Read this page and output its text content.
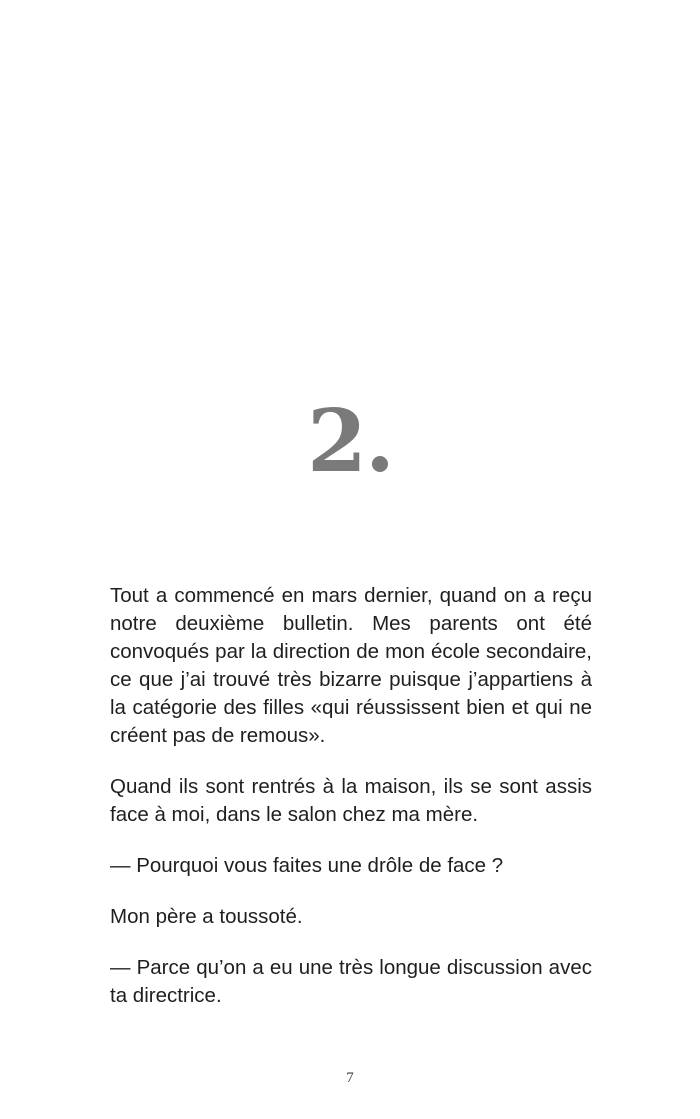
2.

Tout a commencé en mars dernier, quand on a reçu notre deuxième bulletin. Mes parents ont été convoqués par la direction de mon école secondaire, ce que j’ai trouvé très bizarre puisque j’appartiens à la catégorie des filles «qui réussissent bien et qui ne créent pas de remous».

Quand ils sont rentrés à la maison, ils se sont assis face à moi, dans le salon chez ma mère.

— Pourquoi vous faites une drôle de face ?

Mon père a toussoté.

— Parce qu’on a eu une très longue discussion avec ta directrice.

7
